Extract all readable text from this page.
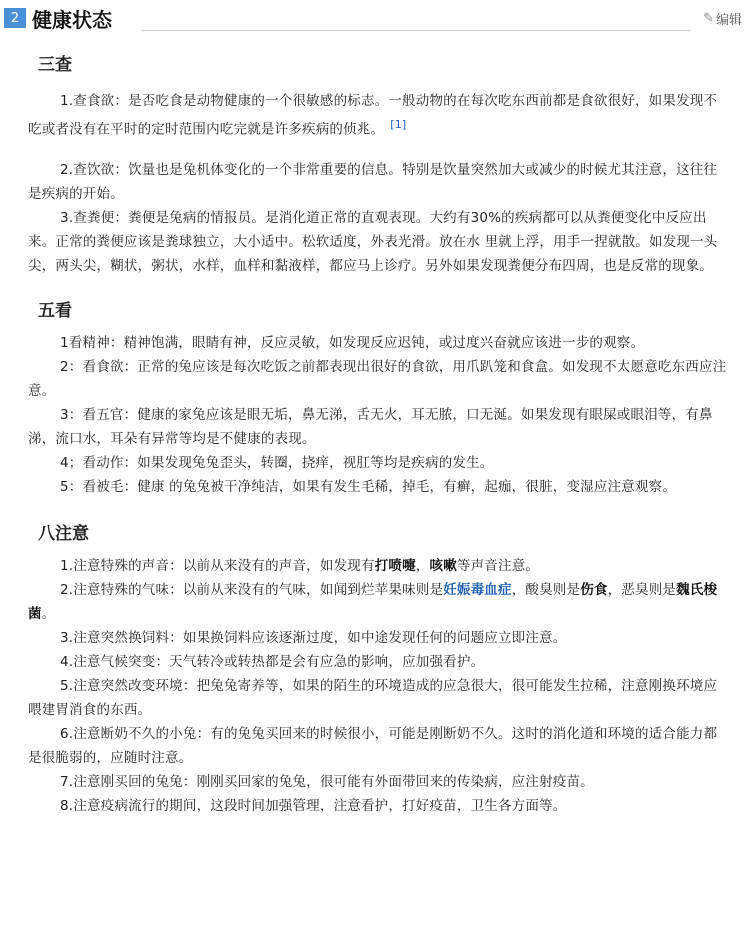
2 健康状态	✎ 编辑
三查

1.查食欲：是否吃食是动物健康的一个很敏感的标志。一般动物的在每次吃东西前都是食欲很好，如果发现不吃或者没有在平时的定时范围内吃完就是许多疾病的侦兆。 [1]

2.查饮欲：饮量也是兔机体变化的一个非常重要的信息。特别是饮量突然加大或减少的时候尤其注意，这往往是疾病的开始。

3.查粪便：粪便是兔病的情报员。是消化道正常的直观表现。大约有30%的疾病都可以从粪便变化中反应出来。正常的粪便应该是粪球独立，大小适中。松软适度，外表光滑。放在水 里就上浮，用手一捏就散。如发现一头尖，两头尖，糊状，粥状，水样，血样和黏液样，都应马上诊疗。另外如果发现粪便分布四周，也是反常的现象。

五看

1看精神：精神饱满，眼睛有神，反应灵敏，如发现反应迟钝，或过度兴奋就应该进一步的观察。

2：看食欲：正常的兔应该是每次吃饭之前都表现出很好的食欲，用爪趴笼和食盒。如发现不太愿意吃东西应注意。

3：看五官：健康的家兔应该是眼无垢，鼻无涕，舌无火，耳无脓，口无涎。如果发现有眼屎或眼泪等，有鼻涕，流口水，耳朵有异常等均是不健康的表现。

4；看动作：如果发现兔兔歪头，转圈，挠痒，视肛等均是疾病的发生。

5：看被毛：健康 的兔兔被干净纯洁，如果有发生毛稀，掉毛，有癣，起痂，很脏，变湿应注意观察。

八注意

1.注意特殊的声音：以前从来没有的声音，如发现有打喷嚏，咳嗽等声音注意。

2.注意特殊的气味：以前从来没有的气味，如闻到烂苹果味则是妊娠毒血症，酸臭则是伤食，恶臭则是魏氏梭菌。

3.注意突然换饲料：如果换饲料应该逐渐过度，如中途发现任何的问题应立即注意。

4.注意气候突变：天气转冷或转热都是会有应急的影响，应加强看护。

5.注意突然改变环境：把兔兔寄养等，如果的陌生的环境造成的应急很大，很可能发生拉稀，注意刚换环境应喂建胃消食的东西。

6.注意断奶不久的小兔：有的兔兔买回来的时候很小，可能是刚断奶不久。这时的消化道和环境的适合能力都是很脆弱的，应随时注意。

7.注意刚买回的兔兔：刚刚买回家的兔兔，很可能有外面带回来的传染病，应注射疫苗。

8.注意疫病流行的期间，这段时间加强管理，注意看护，打好疫苗，卫生各方面等。
